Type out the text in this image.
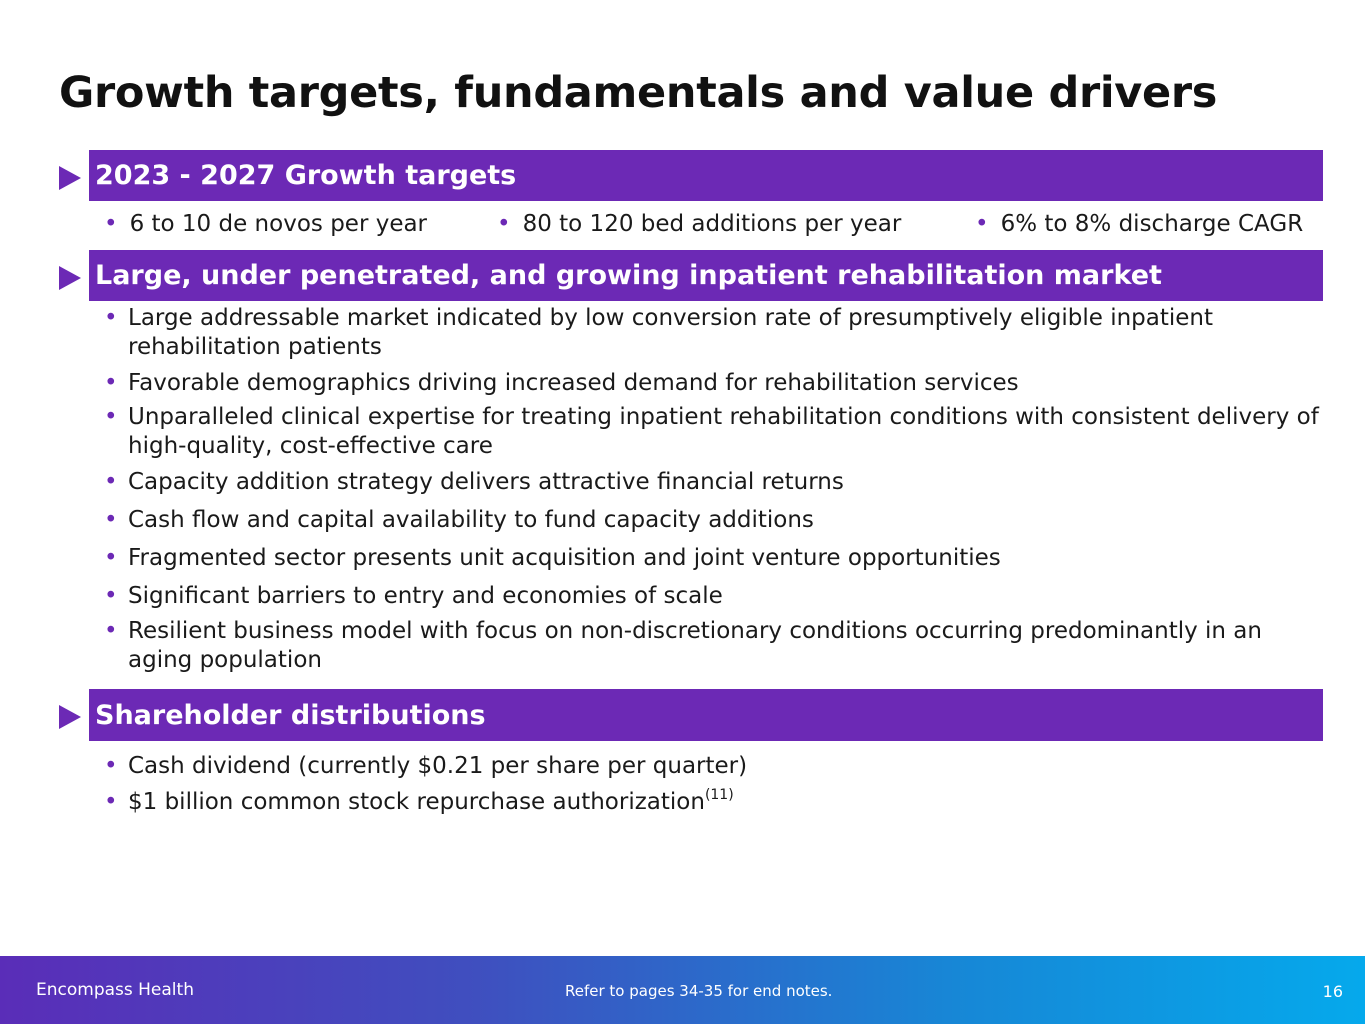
Growth targets, fundamentals and value drivers
2023 - 2027 Growth targets
• 6 to 10 de novos per year	• 80 to 120 bed additions per year	• 6% to 8% discharge CAGR
Large, under penetrated, and growing inpatient rehabilitation market
• Large addressable market indicated by low conversion rate of presumptively eligible inpatient rehabilitation patients
• Favorable demographics driving increased demand for rehabilitation services
• Unparalleled clinical expertise for treating inpatient rehabilitation conditions with consistent delivery of high-quality, cost-effective care
• Capacity addition strategy delivers attractive financial returns
• Cash flow and capital availability to fund capacity additions
• Fragmented sector presents unit acquisition and joint venture opportunities
• Significant barriers to entry and economies of scale
• Resilient business model with focus on non-discretionary conditions occurring predominantly in an aging population
Shareholder distributions
• Cash dividend (currently $0.21 per share per quarter)
• $1 billion common stock repurchase authorization$^{(11)}$
Encompass Health	Refer to pages 34-35 for end notes.	16
